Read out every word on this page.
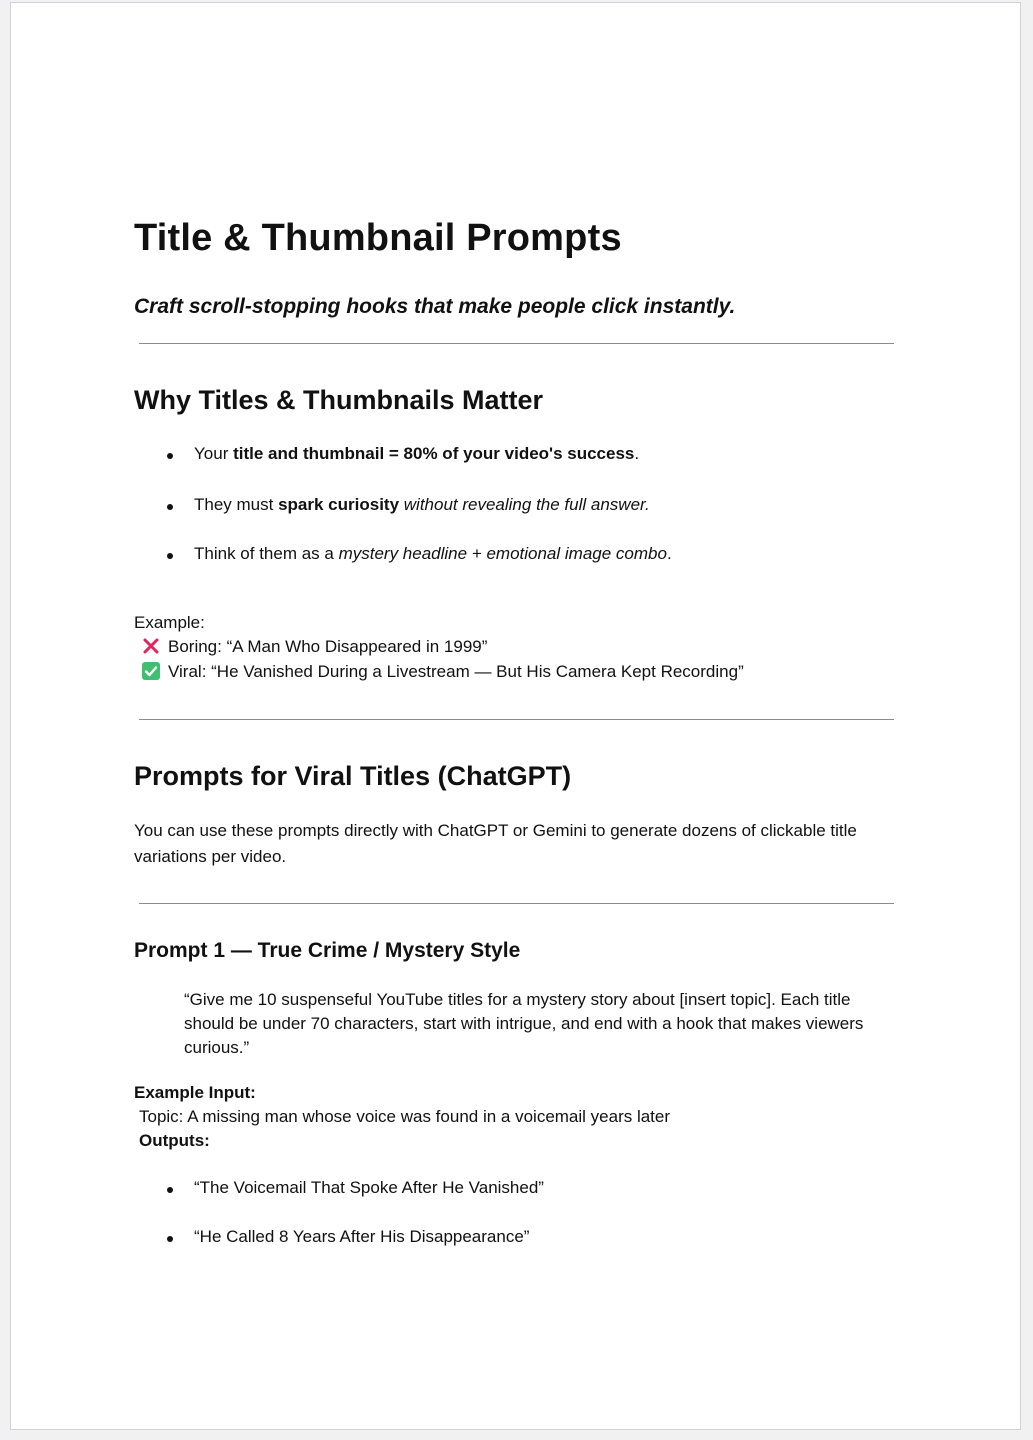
Title & Thumbnail Prompts

Craft scroll-stopping hooks that make people click instantly.

Why Titles & Thumbnails Matter
Your title and thumbnail = 80% of your video's success.
They must spark curiosity without revealing the full answer.
Think of them as a mystery headline + emotional image combo.
Example:
Boring: “A Man Who Disappeared in 1999”
Viral: “He Vanished During a Livestream — But His Camera Kept Recording”
Prompts for Viral Titles (ChatGPT)
You can use these prompts directly with ChatGPT or Gemini to generate dozens of clickable title variations per video.
Prompt 1 — True Crime / Mystery Style
“Give me 10 suspenseful YouTube titles for a mystery story about [insert topic]. Each title should be under 70 characters, start with intrigue, and end with a hook that makes viewers curious.”
Example Input:
Topic: A missing man whose voice was found in a voicemail years later
Outputs:
“The Voicemail That Spoke After He Vanished”
“He Called 8 Years After His Disappearance”
